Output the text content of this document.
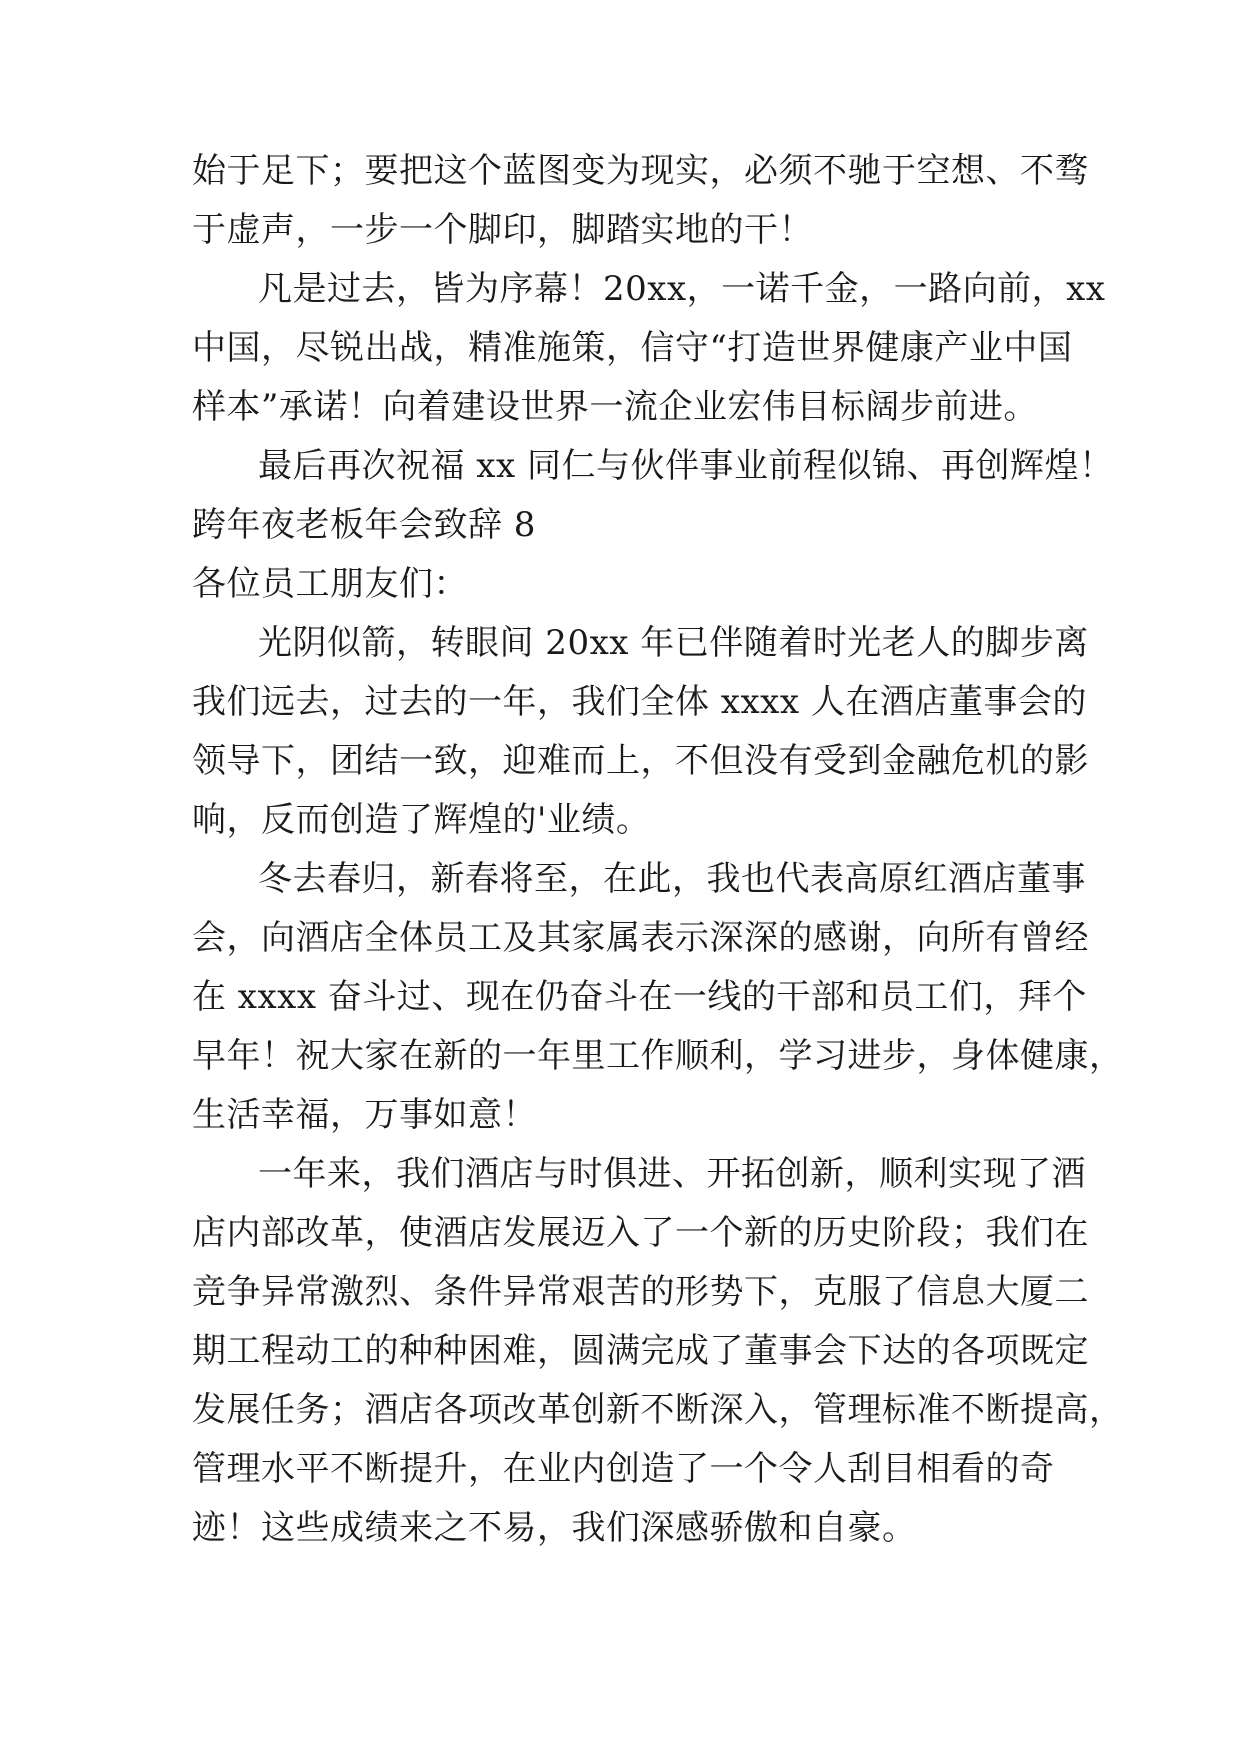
始于足下；要把这个蓝图变为现实，必须不驰于空想、不骛
于虚声，一步一个脚印，脚踏实地的干！
凡是过去，皆为序幕！20xx，一诺千金，一路向前，xx
中国，尽锐出战，精准施策，信守“打造世界健康产业中国
样本”承诺！向着建设世界一流企业宏伟目标阔步前进。
最后再次祝福 xx 同仁与伙伴事业前程似锦、再创辉煌！
跨年夜老板年会致辞 8
各位员工朋友们：
光阴似箭，转眼间 20xx 年已伴随着时光老人的脚步离
我们远去，过去的一年，我们全体 xxxx 人在酒店董事会的
领导下，团结一致，迎难而上，不但没有受到金融危机的影
响，反而创造了辉煌的'业绩。
冬去春归，新春将至，在此，我也代表高原红酒店董事
会，向酒店全体员工及其家属表示深深的感谢，向所有曾经
在 xxxx 奋斗过、现在仍奋斗在一线的干部和员工们，拜个
早年！祝大家在新的一年里工作顺利，学习进步，身体健康，
生活幸福，万事如意！
一年来，我们酒店与时俱进、开拓创新，顺利实现了酒
店内部改革，使酒店发展迈入了一个新的历史阶段；我们在
竞争异常激烈、条件异常艰苦的形势下，克服了信息大厦二
期工程动工的种种困难，圆满完成了董事会下达的各项既定
发展任务；酒店各项改革创新不断深入，管理标准不断提高，
管理水平不断提升，在业内创造了一个令人刮目相看的奇
迹！这些成绩来之不易，我们深感骄傲和自豪。
